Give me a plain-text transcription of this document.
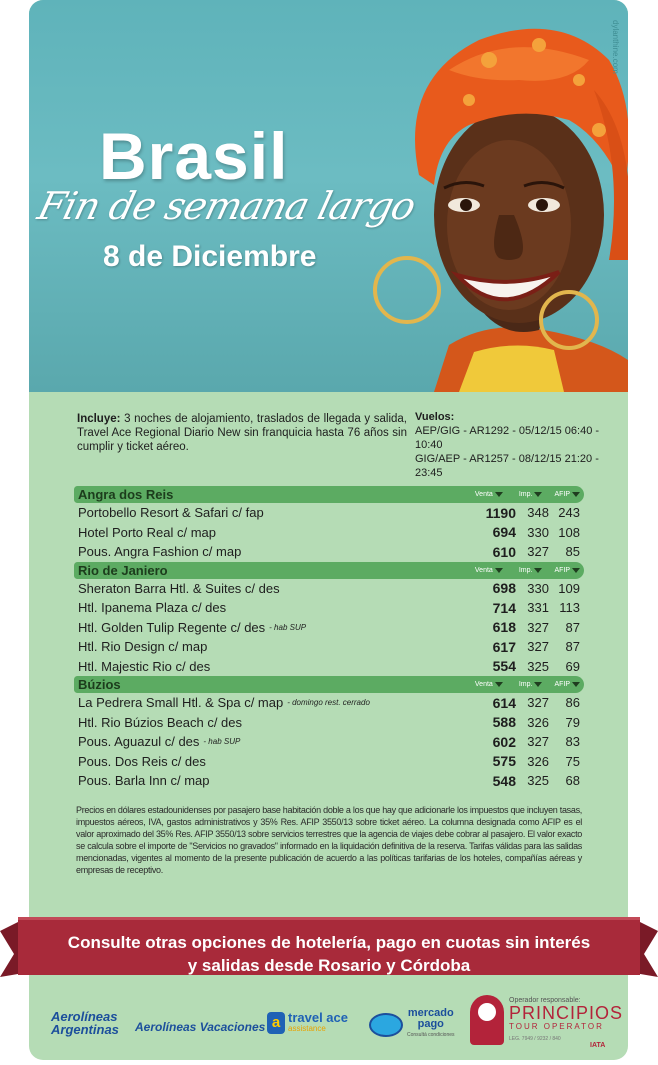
Brasil
Fin de semana largo
8 de Diciembre
dylanthine.com
Incluye: 3 noches de alojamiento, traslados de llegada y salida, Travel Ace Regional Diario New sin franquicia hasta 76 años sin cumplir y ticket aéreo.
Vuelos:
AEP/GIG - AR1292 - 05/12/15 06:40 - 10:40
GIG/AEP - AR1257 - 08/12/15 21:20 - 23:45
Angra dos Reis	Venta	Imp.	AFIP
Portobello Resort & Safari c/ fap	1190 348 243
Hotel Porto Real c/ map	694 330 108
Pous. Angra Fashion c/ map	610 327	85
Rio de Janiero	Venta	Imp.	AFIP
Sheraton Barra Htl. & Suites c/ des	698 330 109
Htl. Ipanema Plaza c/ des	714 331 113
Htl. Golden Tulip Regente c/ des - hab SUP	618 327	87
Htl. Rio Design c/ map	617 327	87
Htl. Majestic Rio c/ des	554 325	69
Búzios	Venta	Imp.	AFIP
La Pedrera Small Htl. & Spa c/ map - domingo rest. cerrado	614 327	86
Htl. Rio Búzios Beach c/ des	588 326	79
Pous. Aguazul c/ des - hab SUP	602 327	83
Pous. Dos Reis c/ des	575 326	75
Pous. Barla Inn c/ map	548 325	68
Precios en dólares estadounidenses por pasajero base habitación doble a los que hay que adicionarle los impuestos que incluyen tasas, impuestos aéreos, IVA, gastos administrativos y 35% Res. AFIP 3550/13 sobre ticket aéreo. La columna designada como AFIP es el valor aproximado del 35% Res. AFIP 3550/13 sobre servicios terrestres que la agencia de viajes debe cobrar al pasajero. El valor exacto se calcula sobre el importe de "Servicios no gravados" informado en la liquidación definitiva de la reserva. Tarifas válidas para las salidas mencionadas, vigentes al momento de la presente publicación de acuerdo a las políticas tarifarias de los hoteles, compañías aéreas y empresas de receptivo.
Consulte otras opciones de hotelería, pago en cuotas sin interés
y salidas desde Rosario y Córdoba
Aerolíneas
Argentinas Aerolíneas Vacaciones a travel ace
assistance
mercado
pago
Consultá condiciones
Operador responsable:
PRINCIPIOS
TOUR OPERATOR
LEG. 7949 / 9232 / 840
IATA
